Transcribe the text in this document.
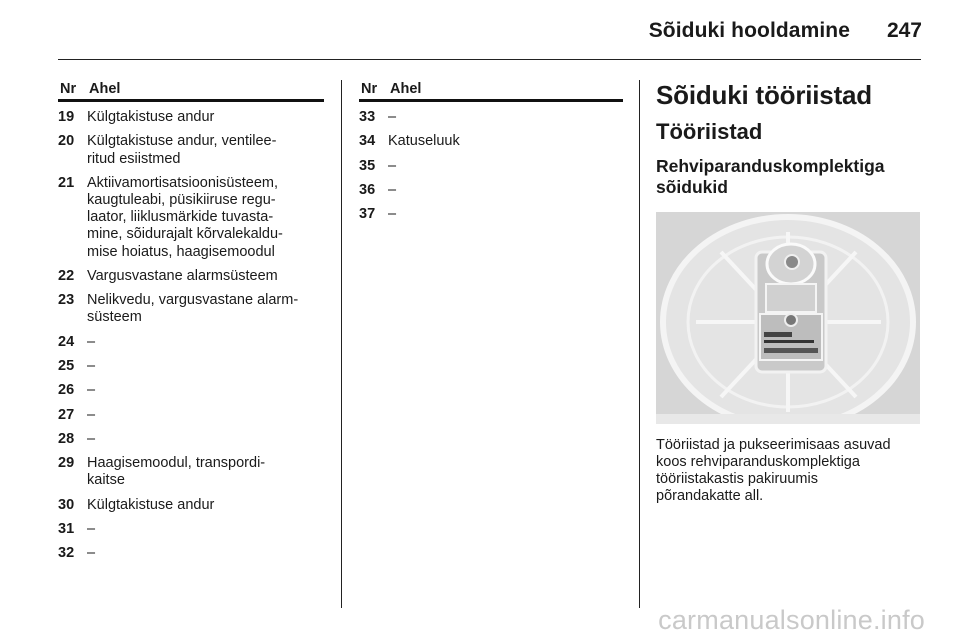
Sõiduki hooldamine 247
Nr Ahel
19 Külgtakistuse andur
20 Külgtakistuse andur, ventilee-
ritud esiistmed
21 Aktiivamortisatsioonisüsteem,
kaugtuleabi, püsikiiruse regu-
laator, liiklusmärkide tuvasta-
mine, sõidurajalt kõrvalekaldu-
mise hoiatus, haagisemoodul
22 Vargusvastane alarmsüsteem
23 Nelikvedu, vargusvastane alarm-
süsteem
24 –
25 –
26 –
27 –
28 –
29 Haagisemoodul, transpordi-
kaitse
30 Külgtakistuse andur
31 –
32 –
Nr Ahel
33 –
34 Katuseluuk
35 –
36 –
37 –
Sõiduki tööriistad
Tööriistad
Rehviparanduskomplektiga
sõidukid
Tööriistad ja pukseerimisaas asuvad
koos rehviparanduskomplektiga
tööriistakastis pakiruumis
põrandakatte all.
carmanualsonline.info
